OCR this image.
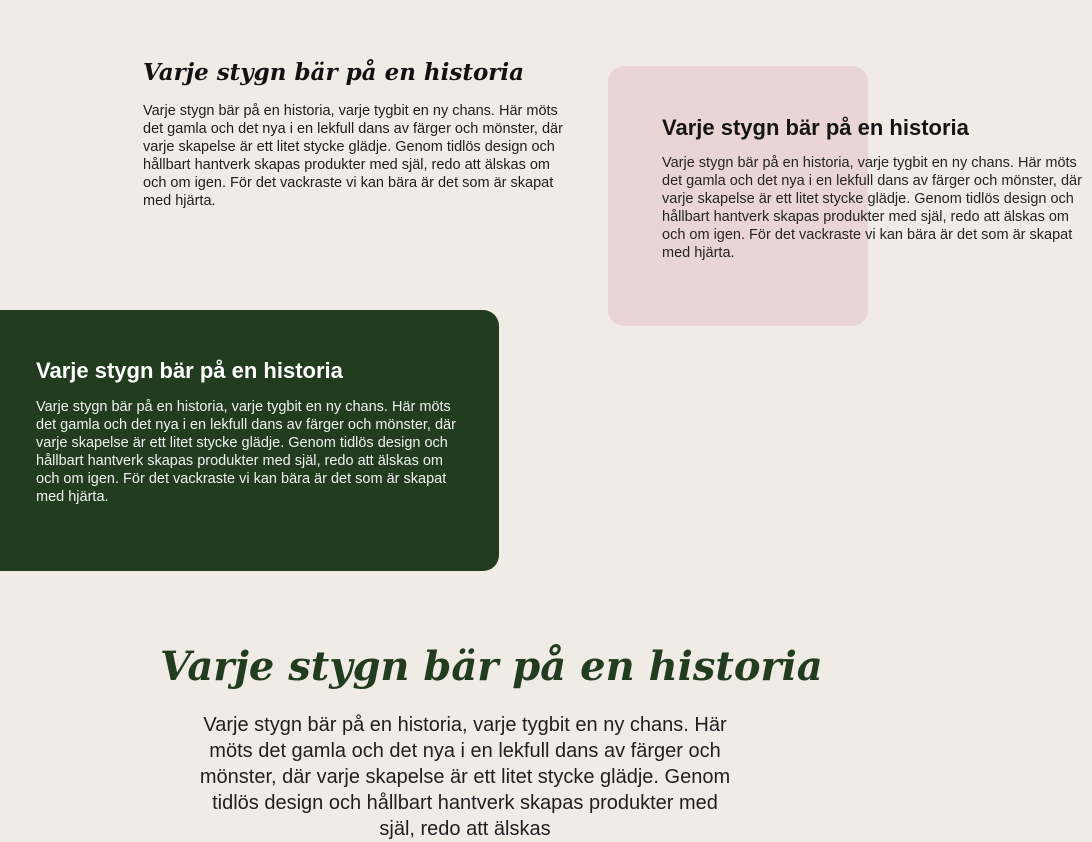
Varje stygn bär på en historia

Varje stygn bär på en historia, varje tygbit en ny chans. Här möts det gamla och det nya i en lekfull dans av färger och mönster, där varje skapelse är ett litet stycke glädje. Genom tidlös design och hållbart hantverk skapas produkter med själ, redo att älskas om och om igen. För det vackraste vi kan bära är det som är skapat med hjärta.

Varje stygn bär på en historia

Varje stygn bär på en historia, varje tygbit en ny chans. Här möts det gamla och det nya i en lekfull dans av färger och mönster, där varje skapelse är ett litet stycke glädje. Genom tidlös design och hållbart hantverk skapas produkter med själ, redo att älskas om och om igen. För det vackraste vi kan bära är det som är skapat med hjärta.

Varje stygn bär på en historia

Varje stygn bär på en historia, varje tygbit en ny chans. Här möts det gamla och det nya i en lekfull dans av färger och mönster, där varje skapelse är ett litet stycke glädje. Genom tidlös design och hållbart hantverk skapas produkter med själ, redo att älskas om och om igen. För det vackraste vi kan bära är det som är skapat med hjärta.

Varje stygn bär på en historia

Varje stygn bär på en historia, varje tygbit en ny chans. Här möts det gamla och det nya i en lekfull dans av färger och mönster, där varje skapelse är ett litet stycke glädje. Genom tidlös design och hållbart hantverk skapas produkter med själ, redo att älskas
